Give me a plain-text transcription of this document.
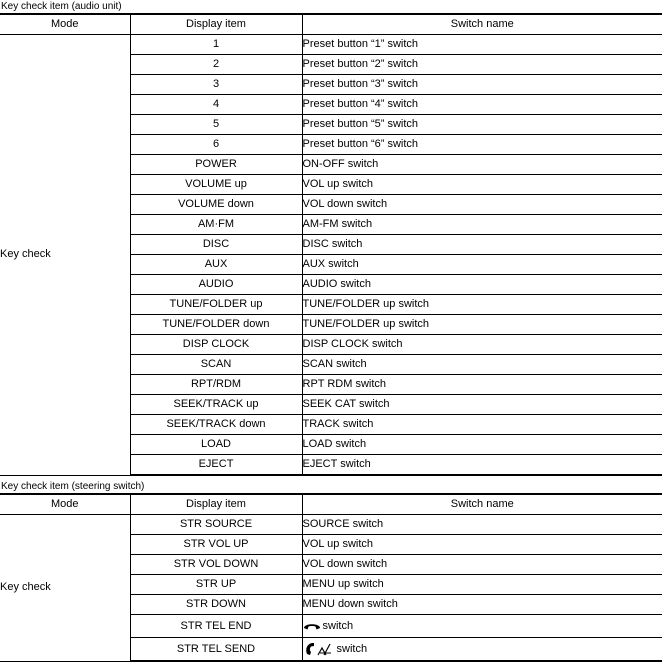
Key check item (audio unit)
Mode	Display item	Switch name
Key check	1	Preset button “1” switch
	2	Preset button “2” switch
	3	Preset button “3” switch
	4	Preset button “4” switch
	5	Preset button “5” switch
	6	Preset button “6” switch
	POWER	ON-OFF switch
	VOLUME up	VOL up switch
	VOLUME down	VOL down switch
	AM·FM	AM-FM switch
	DISC	DISC switch
	AUX	AUX switch
	AUDIO	AUDIO switch
	TUNE/FOLDER up	TUNE/FOLDER up switch
	TUNE/FOLDER down	TUNE/FOLDER up switch
	DISP CLOCK	DISP CLOCK switch
	SCAN	SCAN switch
	RPT/RDM	RPT RDM switch
	SEEK/TRACK up	SEEK CAT switch
	SEEK/TRACK down	TRACK switch
	LOAD	LOAD switch
	EJECT	EJECT switch
Key check item (steering switch)
Mode	Display item	Switch name
Key check	STR SOURCE	SOURCE switch
	STR VOL UP	VOL up switch
	STR VOL DOWN	VOL down switch
	STR UP	MENU up switch
	STR DOWN	MENU down switch
	STR TEL END	switch
	STR TEL SEND	switch
